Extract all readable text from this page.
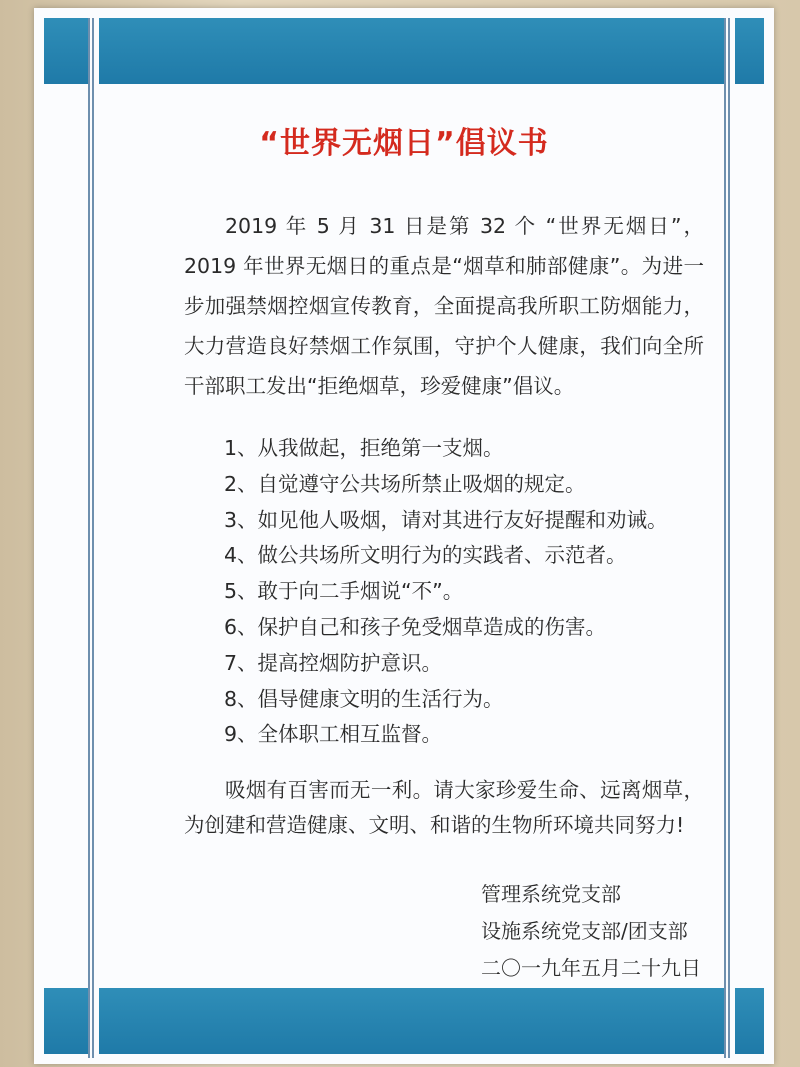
“世界无烟日”倡议书

2019 年 5 月 31 日是第 32 个 “世界无烟日”， 2019 年世界无烟日的重点是“烟草和肺部健康”。为进一步加强禁烟控烟宣传教育，全面提高我所职工防烟能力，大力营造良好禁烟工作氛围，守护个人健康，我们向全所干部职工发出“拒绝烟草，珍爱健康”倡议。

1、从我做起，拒绝第一支烟。
2、自觉遵守公共场所禁止吸烟的规定。
3、如见他人吸烟，请对其进行友好提醒和劝诫。
4、做公共场所文明行为的实践者、示范者。
5、敢于向二手烟说“不”。
6、保护自己和孩子免受烟草造成的伤害。
7、提高控烟防护意识。
8、倡导健康文明的生活行为。
9、全体职工相互监督。

吸烟有百害而无一利。请大家珍爱生命、远离烟草，为创建和营造健康、文明、和谐的生物所环境共同努力!

管理系统党支部
设施系统党支部/团支部
二〇一九年五月二十九日
